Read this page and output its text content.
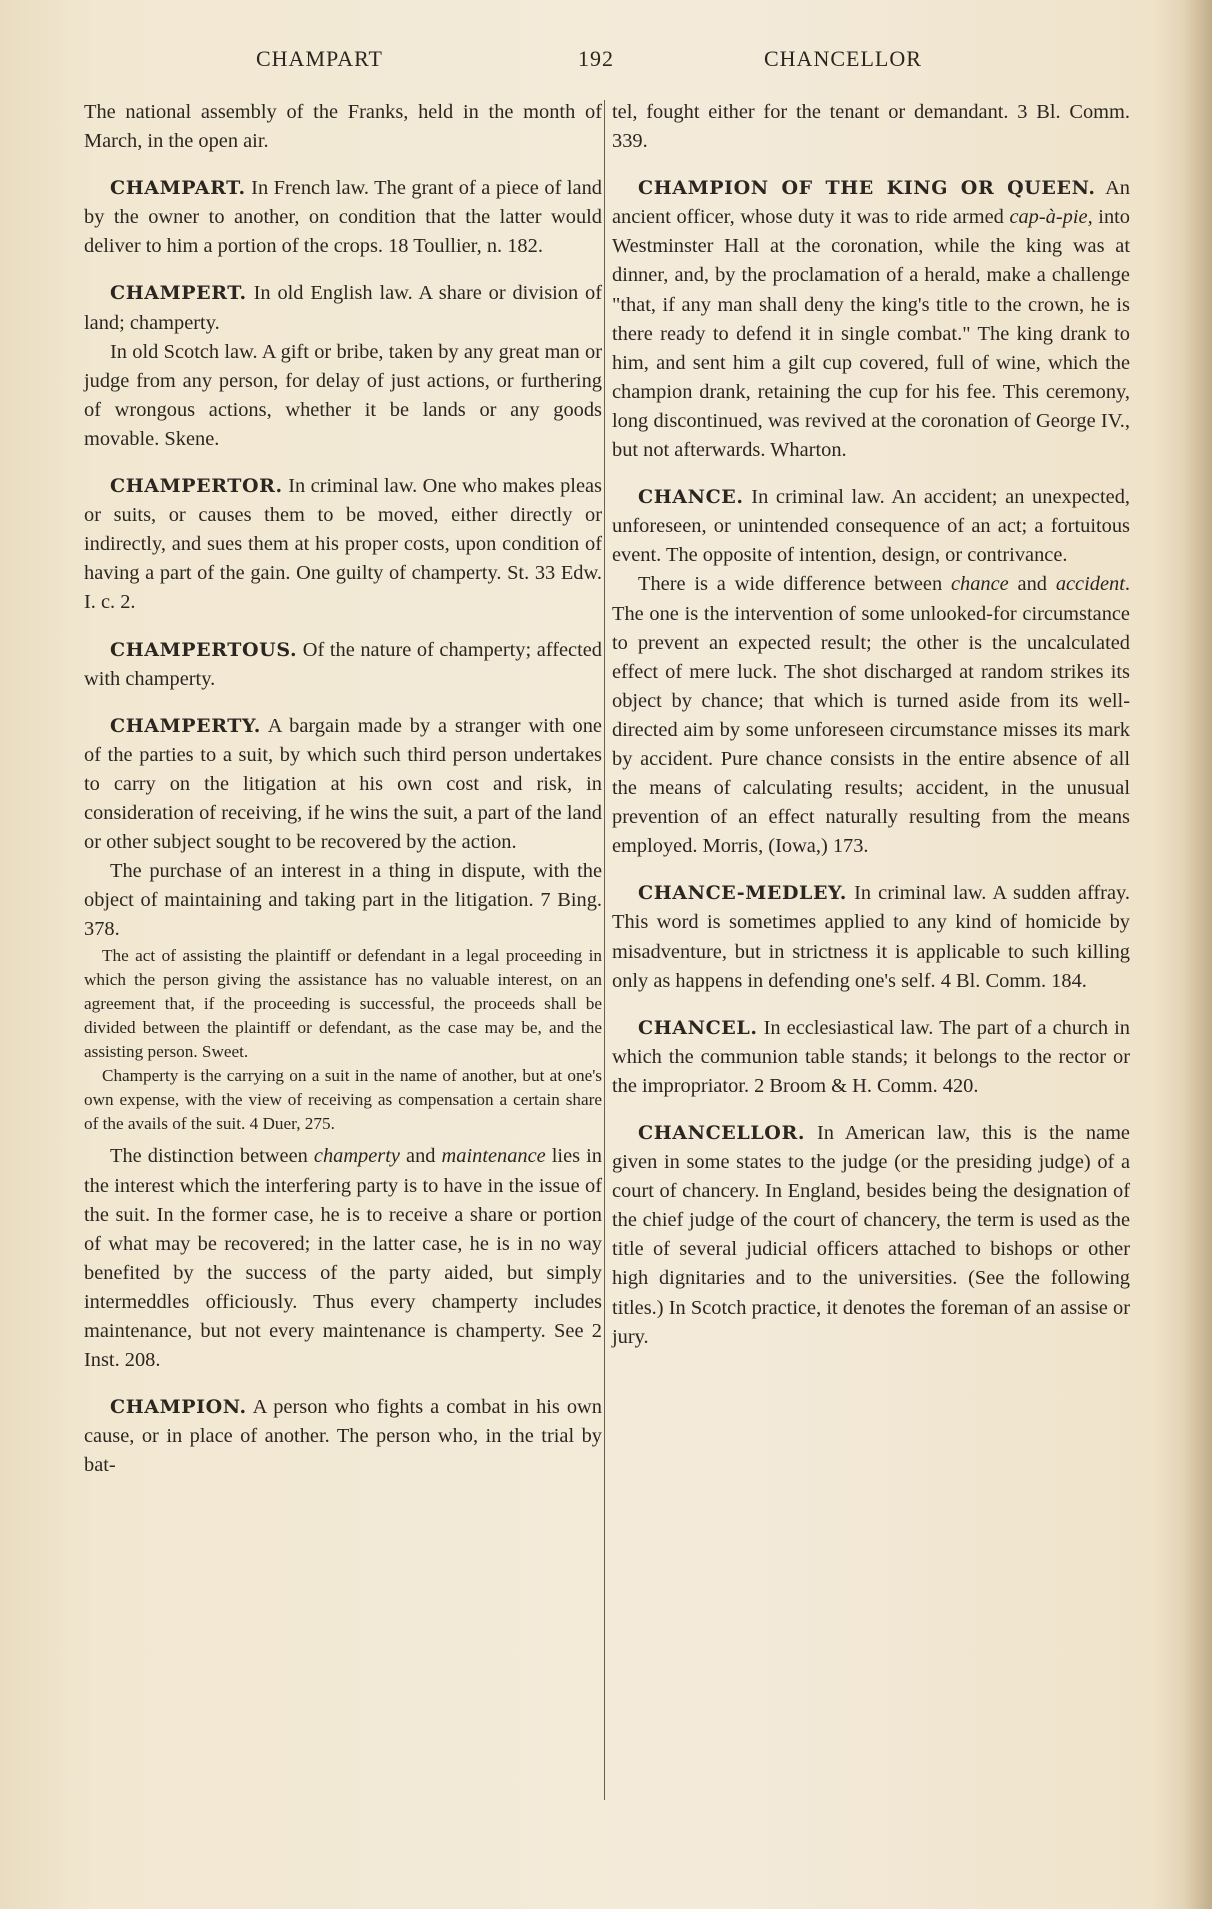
CHAMPART	192	CHANCELLOR

The national assembly of the Franks, held in the month of March, in the open air.

CHAMPART. In French law. The grant of a piece of land by the owner to another, on condition that the latter would deliver to him a portion of the crops. 18 Toullier, n. 182.

CHAMPERT. In old English law. A share or division of land; champerty.

In old Scotch law. A gift or bribe, taken by any great man or judge from any person, for delay of just actions, or furthering of wrongous actions, whether it be lands or any goods movable. Skene.

CHAMPERTOR. In criminal law. One who makes pleas or suits, or causes them to be moved, either directly or indirectly, and sues them at his proper costs, upon condition of having a part of the gain. One guilty of champerty. St. 33 Edw. I. c. 2.

CHAMPERTOUS. Of the nature of champerty; affected with champerty.

CHAMPERTY. A bargain made by a stranger with one of the parties to a suit, by which such third person undertakes to carry on the litigation at his own cost and risk, in consideration of receiving, if he wins the suit, a part of the land or other subject sought to be recovered by the action.

The purchase of an interest in a thing in dispute, with the object of maintaining and taking part in the litigation. 7 Bing. 378.

The act of assisting the plaintiff or defendant in a legal proceeding in which the person giving the assistance has no valuable interest, on an agreement that, if the proceeding is successful, the proceeds shall be divided between the plaintiff or defendant, as the case may be, and the assisting person. Sweet.

Champerty is the carrying on a suit in the name of another, but at one's own expense, with the view of receiving as compensation a certain share of the avails of the suit. 4 Duer, 275.

The distinction between champerty and maintenance lies in the interest which the interfering party is to have in the issue of the suit. In the former case, he is to receive a share or portion of what may be recovered; in the latter case, he is in no way benefited by the success of the party aided, but simply intermeddles officiously. Thus every champerty includes maintenance, but not every maintenance is champerty. See 2 Inst. 208.

CHAMPION. A person who fights a combat in his own cause, or in place of another. The person who, in the trial by bat-

tel, fought either for the tenant or demandant. 3 Bl. Comm. 339.

CHAMPION OF THE KING OR QUEEN. An ancient officer, whose duty it was to ride armed cap-à-pie, into Westminster Hall at the coronation, while the king was at dinner, and, by the proclamation of a herald, make a challenge "that, if any man shall deny the king's title to the crown, he is there ready to defend it in single combat." The king drank to him, and sent him a gilt cup covered, full of wine, which the champion drank, retaining the cup for his fee. This ceremony, long discontinued, was revived at the coronation of George IV., but not afterwards. Wharton.

CHANCE. In criminal law. An accident; an unexpected, unforeseen, or unintended consequence of an act; a fortuitous event. The opposite of intention, design, or contrivance.

There is a wide difference between chance and accident. The one is the intervention of some unlooked-for circumstance to prevent an expected result; the other is the uncalculated effect of mere luck. The shot discharged at random strikes its object by chance; that which is turned aside from its well-directed aim by some unforeseen circumstance misses its mark by accident. Pure chance consists in the entire absence of all the means of calculating results; accident, in the unusual prevention of an effect naturally resulting from the means employed. Morris, (Iowa,) 173.

CHANCE-MEDLEY. In criminal law. A sudden affray. This word is sometimes applied to any kind of homicide by misadventure, but in strictness it is applicable to such killing only as happens in defending one's self. 4 Bl. Comm. 184.

CHANCEL. In ecclesiastical law. The part of a church in which the communion table stands; it belongs to the rector or the impropriator. 2 Broom & H. Comm. 420.

CHANCELLOR. In American law, this is the name given in some states to the judge (or the presiding judge) of a court of chancery. In England, besides being the designation of the chief judge of the court of chancery, the term is used as the title of several judicial officers attached to bishops or other high dignitaries and to the universities. (See the following titles.) In Scotch practice, it denotes the foreman of an assise or jury.
